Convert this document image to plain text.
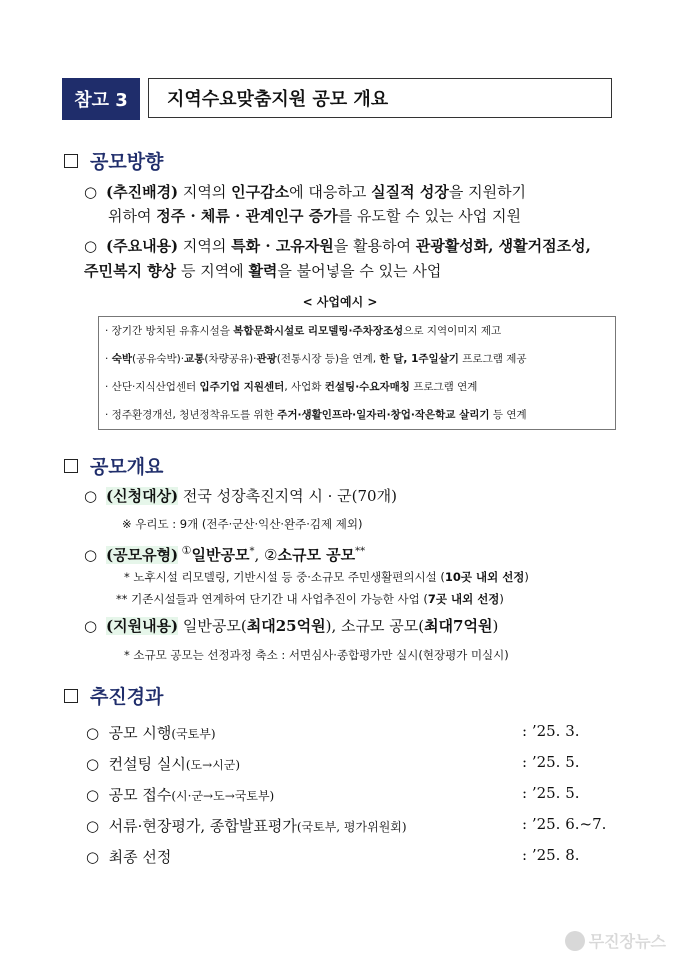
참고 3	지역수요맞춤지원 공모 개요
공모방향
○ (추진배경) 지역의 인구감소에 대응하고 실질적 성장을 지원하기
위하여 정주 · 체류 · 관계인구 증가를 유도할 수 있는 사업 지원
○ (주요내용) 지역의 특화 · 고유자원을 활용하여 관광활성화, 생활거점조성,
주민복지 향상 등 지역에 활력을 불어넣을 수 있는 사업
< 사업예시 >
· 장기간 방치된 유휴시설을 복합문화시설로 리모델링·주차장조성으로 지역이미지 제고
· 숙박(공유숙박)·교통(차량공유)·관광(전통시장 등)을 연계, 한 달, 1주일살기 프로그램 제공
· 산단·지식산업센터 입주기업 지원센터, 사업화 컨설팅·수요자매칭 프로그램 연계
· 정주환경개선, 청년정착유도를 위한 주거·생활인프라·일자리·창업·작은학교 살리기 등 연계
공모개요
○ (신청대상) 전국 성장촉진지역 시 · 군(70개)
※ 우리도 : 9개 (전주·군산·익산·완주·김제 제외)
○ (공모유형) ①일반공모*, ②소규모 공모**
* 노후시설 리모델링, 기반시설 등 중·소규모 주민생활편의시설 (10곳 내외 선정)
** 기존시설들과 연계하여 단기간 내 사업추진이 가능한 사업 (7곳 내외 선정)
○ (지원내용) 일반공모(최대25억원), 소규모 공모(최대7억원)
* 소규모 공모는 선정과정 축소 : 서면심사·종합평가만 실시(현장평가 미실시)
추진경과
○ 공모 시행(국토부)	: ’25. 3.
○ 컨설팅 실시(도→시군)	: ’25. 5.
○ 공모 접수(시·군→도→국토부)	: ’25. 5.
○ 서류·현장평가, 종합발표평가(국토부, 평가위원회)	: ’25. 6.~7.
○ 최종 선정	: ’25. 8.
무진장뉴스
